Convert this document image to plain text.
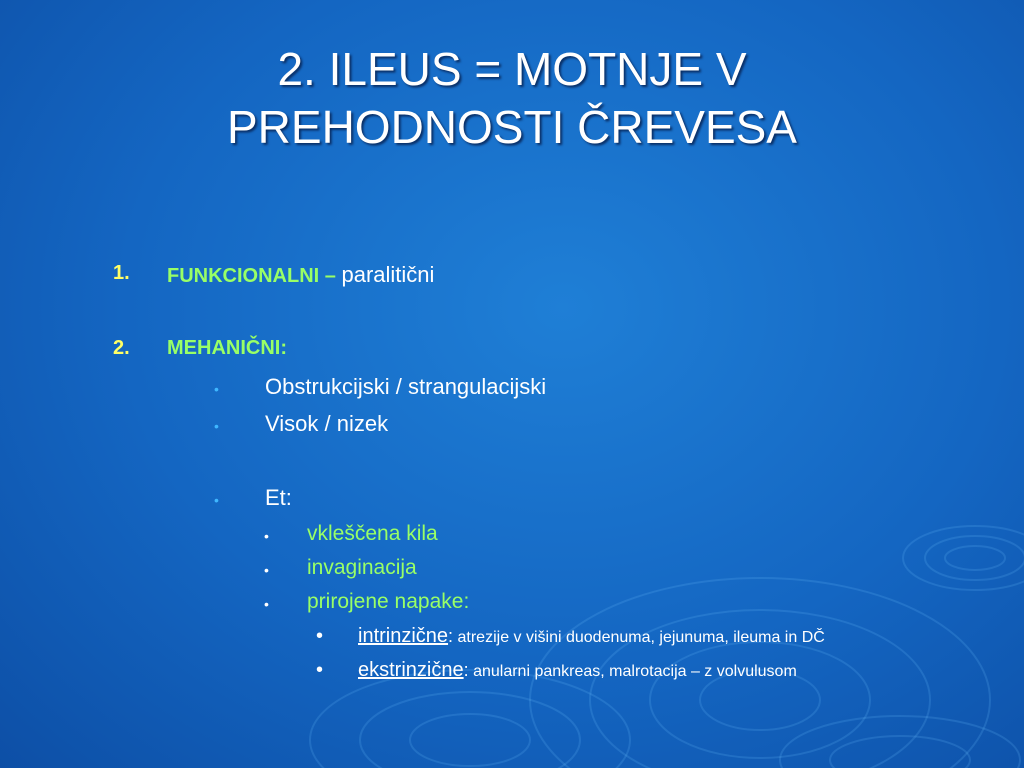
2. ILEUS = MOTNJE V
PREHODNOSTI ČREVESA
1. FUNKCIONALNI – paralitični
2. MEHANIČNI:
• Obstrukcijski / strangulacijski
• Visok / nizek
• Et:
• vkleščena kila
• invaginacija
• prirojene napake:
• intrinzične: atrezije v višini duodenuma, jejunuma, ileuma in DČ
• ekstrinzične: anularni pankreas, malrotacija – z volvulusom
